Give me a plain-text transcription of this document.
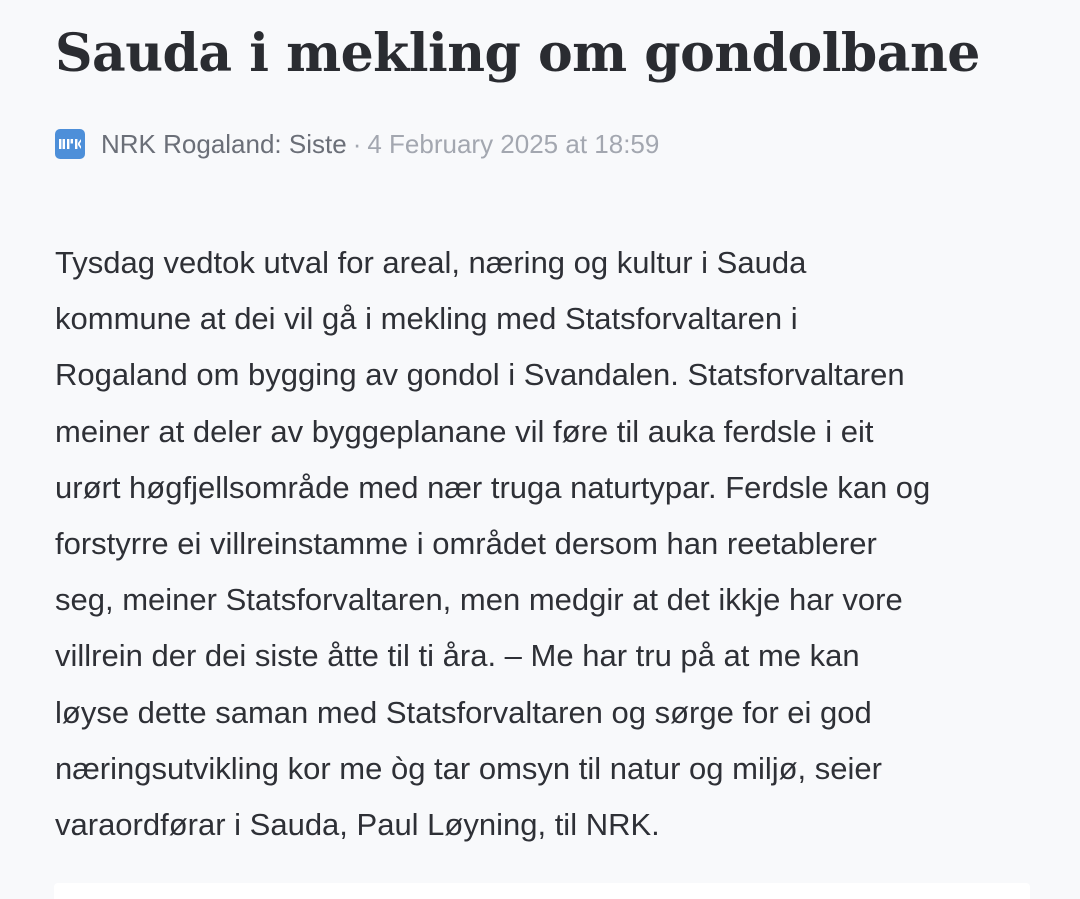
Sauda i mekling om gondolbane
NRK Rogaland: Siste · 4 February 2025 at 18:59

Tysdag vedtok utval for areal, næring og kultur i Sauda
kommune at dei vil gå i mekling med Statsforvaltaren i
Rogaland om bygging av gondol i Svandalen. Statsforvaltaren
meiner at deler av byggeplanane vil føre til auka ferdsle i eit
urørt høgfjellsområde med nær truga naturtypar. Ferdsle kan og
forstyrre ei villreinstamme i området dersom han reetablerer
seg, meiner Statsforvaltaren, men medgir at det ikkje har vore
villrein der dei siste åtte til ti åra. – Me har tru på at me kan
løyse dette saman med Statsforvaltaren og sørge for ei god
næringsutvikling kor me òg tar omsyn til natur og miljø, seier
varaordførar i Sauda, Paul Løyning, til NRK.
